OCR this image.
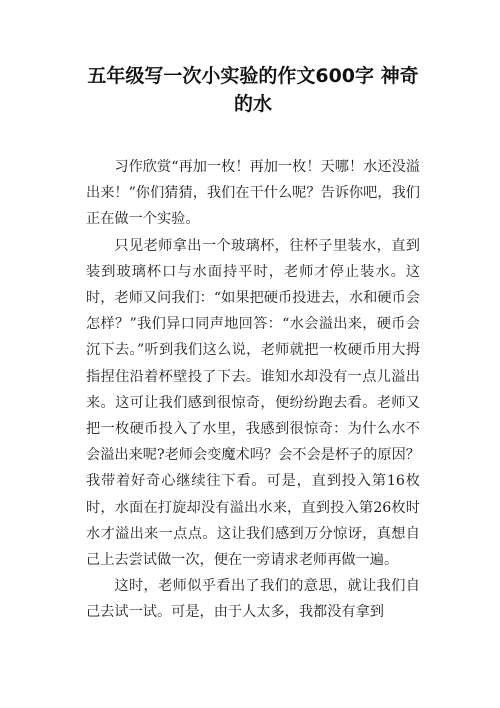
五年级写一次小实验的作文600字 神奇的水

习作欣赏“再加一枚！再加一枚！天哪！水还没溢出来！”你们猜猜，我们在干什么呢？告诉你吧，我们正在做一个实验。

只见老师拿出一个玻璃杯，往杯子里装水，直到装到玻璃杯口与水面持平时，老师才停止装水。这时，老师又问我们：“如果把硬币投进去，水和硬币会怎样？”我们异口同声地回答：“水会溢出来，硬币会沉下去。”听到我们这么说，老师就把一枚硬币用大拇指捏住沿着杯壁投了下去。谁知水却没有一点儿溢出来。这可让我们感到很惊奇，便纷纷跑去看。老师又把一枚硬币投入了水里，我感到很惊奇：为什么水不会溢出来呢?老师会变魔术吗？会不会是杯子的原因？我带着好奇心继续往下看。可是，直到投入第16枚时，水面在打旋却没有溢出水来，直到投入第26枚时水才溢出来一点点。这让我们感到万分惊讶，真想自己上去尝试做一次，便在一旁请求老师再做一遍。

这时，老师似乎看出了我们的意思，就让我们自己去试一试。可是，由于人太多，我都没有拿到
